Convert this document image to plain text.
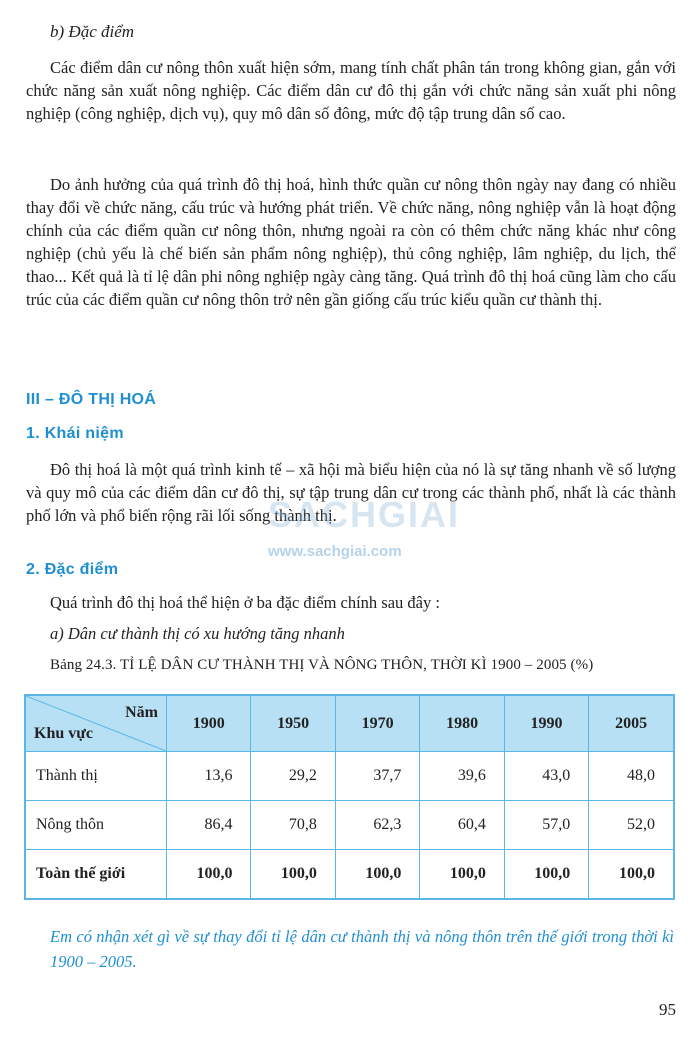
b) Đặc điểm

Các điểm dân cư nông thôn xuất hiện sớm, mang tính chất phân tán trong không gian, gắn với chức năng sản xuất nông nghiệp. Các điểm dân cư đô thị gắn với chức năng sản xuất phi nông nghiệp (công nghiệp, dịch vụ), quy mô dân số đông, mức độ tập trung dân số cao.

Do ảnh hưởng của quá trình đô thị hoá, hình thức quần cư nông thôn ngày nay đang có nhiều thay đổi về chức năng, cấu trúc và hướng phát triển. Về chức năng, nông nghiệp vẫn là hoạt động chính của các điểm quần cư nông thôn, nhưng ngoài ra còn có thêm chức năng khác như công nghiệp (chủ yếu là chế biến sản phẩm nông nghiệp), thủ công nghiệp, lâm nghiệp, du lịch, thể thao... Kết quả là tỉ lệ dân phi nông nghiệp ngày càng tăng. Quá trình đô thị hoá cũng làm cho cấu trúc của các điểm quần cư nông thôn trở nên gần giống cấu trúc kiểu quần cư thành thị.

III – ĐÔ THỊ HOÁ
1. Khái niệm

Đô thị hoá là một quá trình kinh tế – xã hội mà biểu hiện của nó là sự tăng nhanh về số lượng và quy mô của các điểm dân cư đô thị, sự tập trung dân cư trong các thành phố, nhất là các thành phố lớn và phổ biến rộng rãi lối sống thành thị.

SACHGIAI
www.sachgiai.com
2. Đặc điểm
Quá trình đô thị hoá thể hiện ở ba đặc điểm chính sau đây :
a) Dân cư thành thị có xu hướng tăng nhanh
Bảng 24.3. TỈ LỆ DÂN CƯ THÀNH THỊ VÀ NÔNG THÔN, THỜI KÌ 1900 – 2005 (%)
Năm
Khu vực	1900	1950	1970	1980	1990	2005
Thành thị	13,6	29,2	37,7	39,6	43,0	48,0
Nông thôn	86,4	70,8	62,3	60,4	57,0	52,0
Toàn thế giới	100,0	100,0	100,0	100,0	100,0	100,0
Em có nhận xét gì về sự thay đổi tỉ lệ dân cư thành thị và nông thôn trên thế giới trong thời kì 1900 – 2005.
95
